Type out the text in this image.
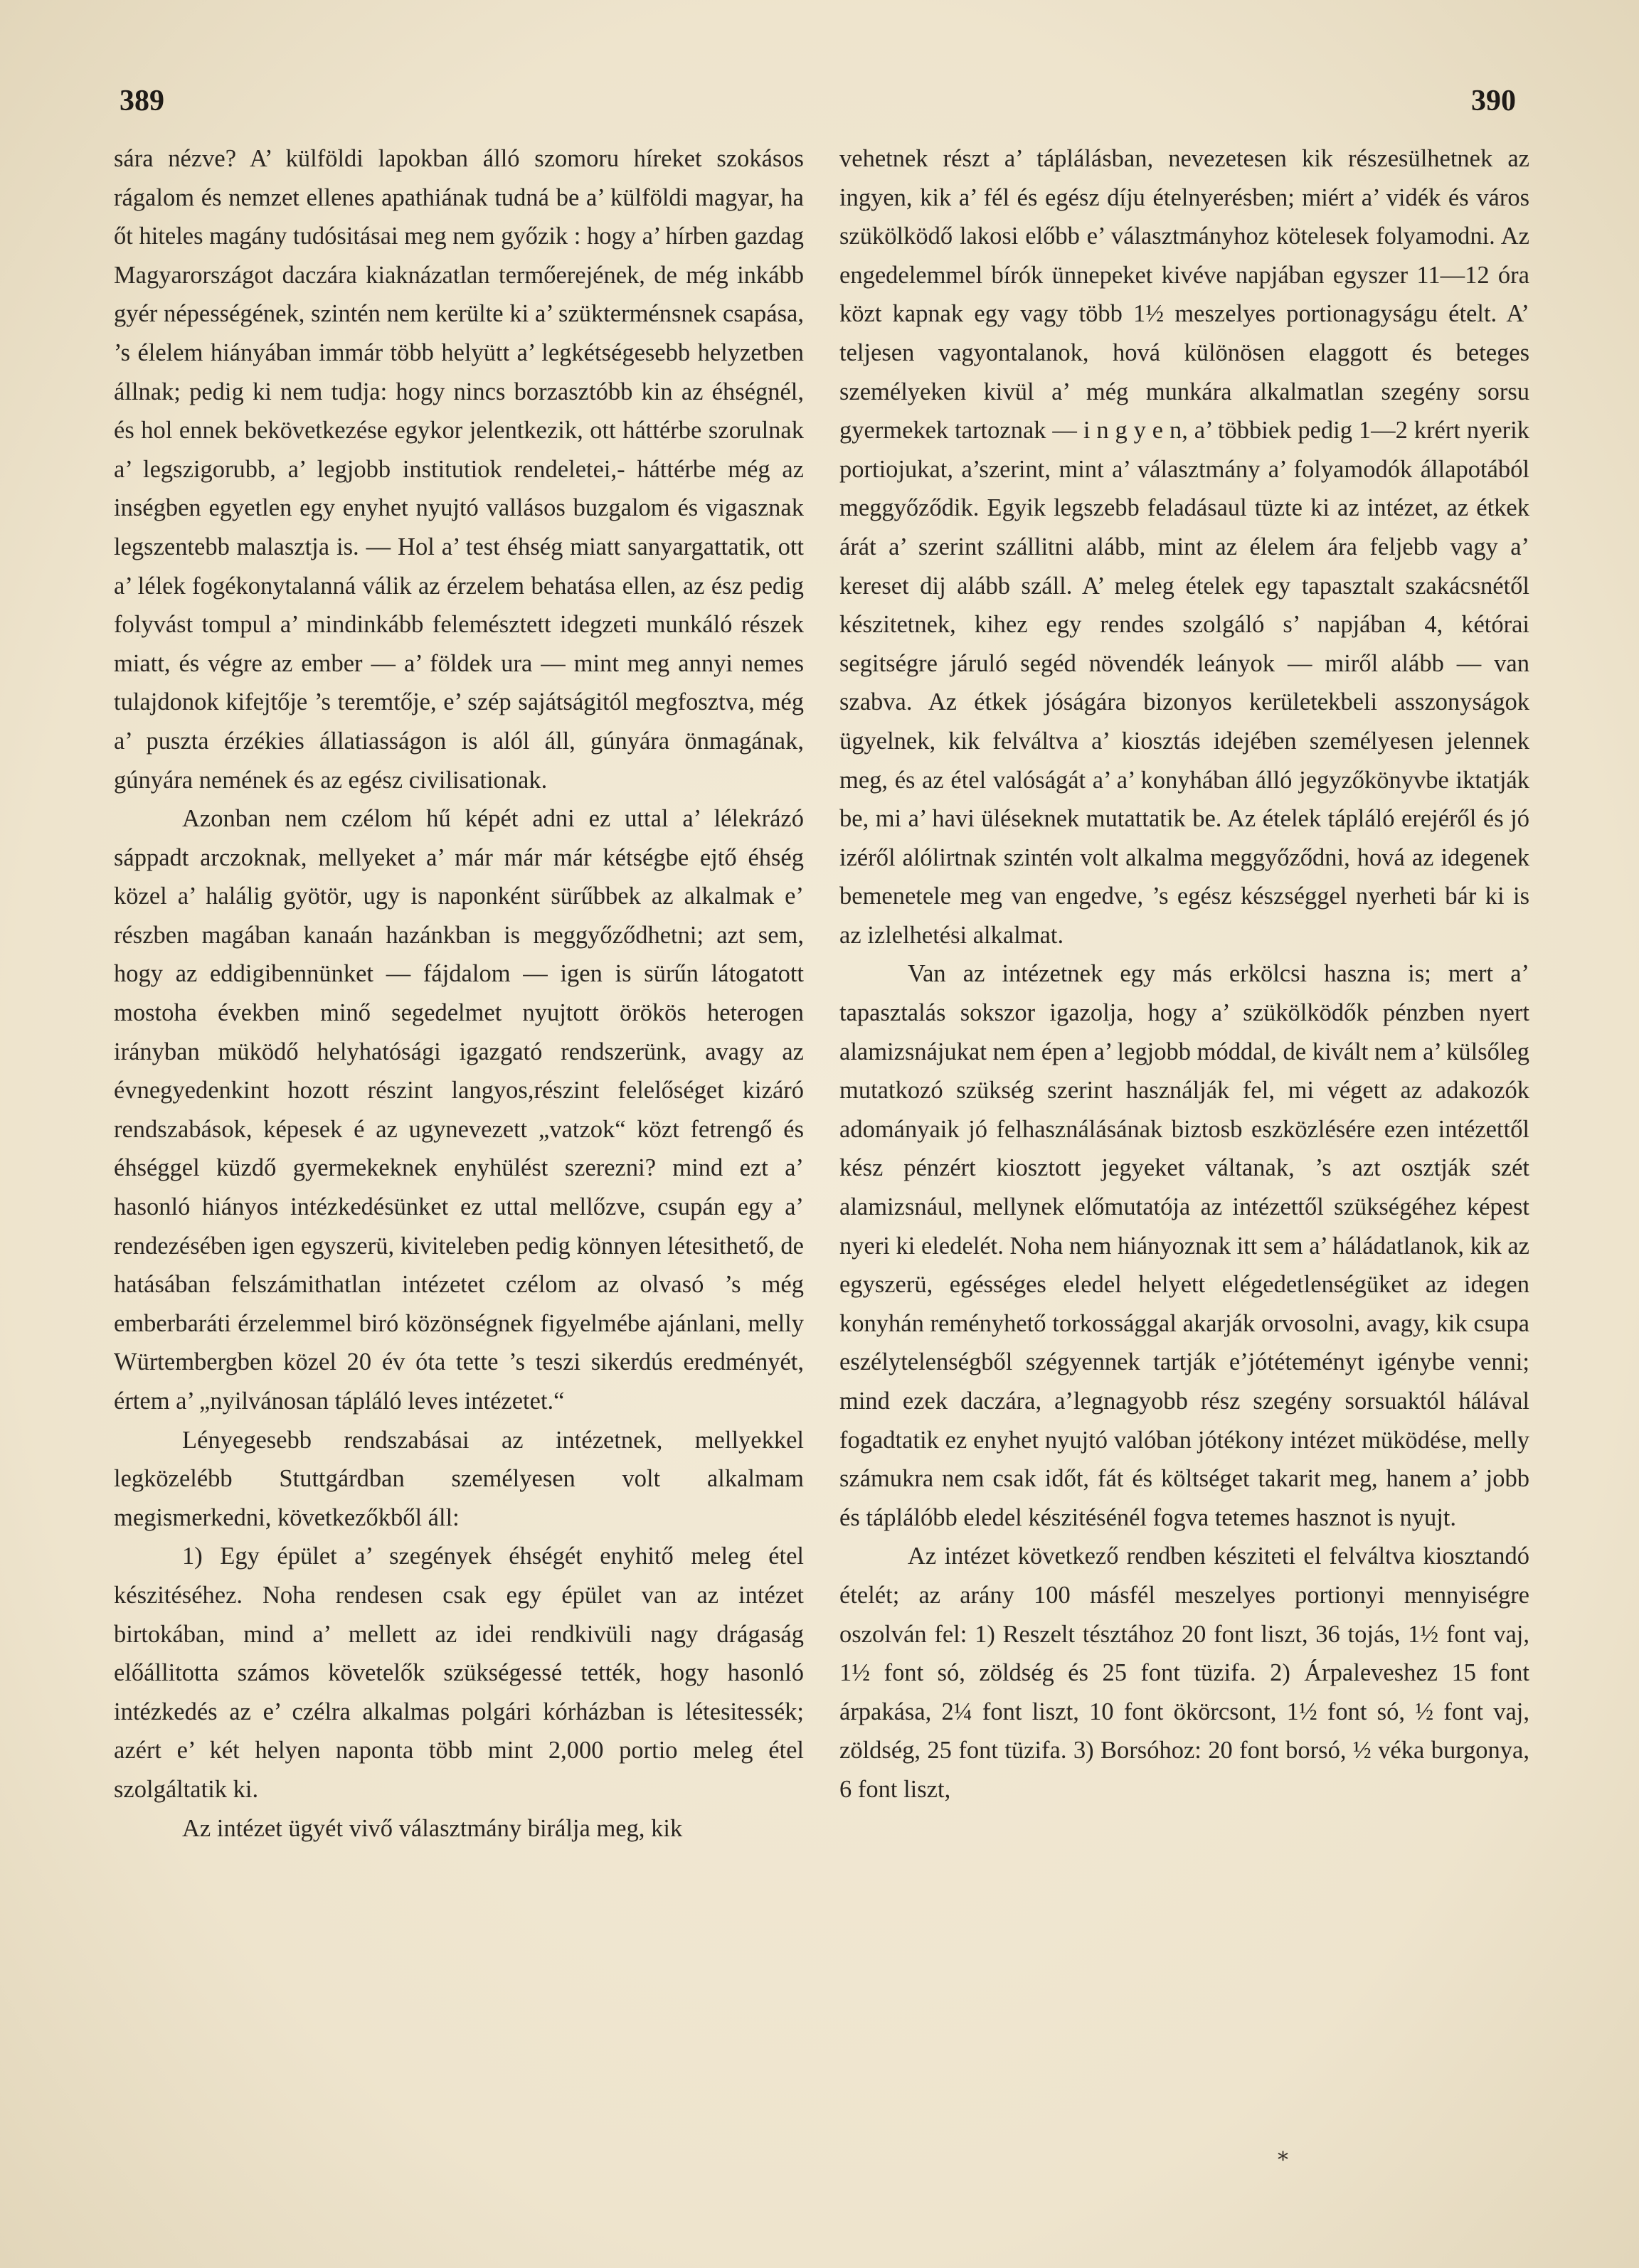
389	390

sára nézve? A’ külföldi lapokban álló szomoru híreket szokásos rágalom és nemzet ellenes apathiának tudná be a’ külföldi magyar, ha őt hiteles magány tudósitásai meg nem győzik : hogy a’ hírben gazdag Magyarországot daczára kiaknázatlan termőerejének, de még inkább gyér népességének, szintén nem kerülte ki a’ szükterménsnek csapása, ’s élelem hiányában immár több helyütt a’ legkétségesebb helyzetben állnak; pedig ki nem tudja: hogy nincs borzasztóbb kin az éhségnél, és hol ennek bekövetkezése egykor jelentkezik, ott háttérbe szorulnak a’ legszigorubb, a’ legjobb institutiok rendeletei,- háttérbe még az inségben egyetlen egy enyhet nyujtó vallásos buzgalom és vigasznak legszentebb malasztja is. — Hol a’ test éhség miatt sanyargattatik, ott a’ lélek fogékonytalanná válik az érzelem behatása ellen, az ész pedig folyvást tompul a’ mindinkább felemésztett idegzeti munkáló részek miatt, és végre az ember — a’ földek ura — mint meg annyi nemes tulajdonok kifejtője ’s teremtője, e’ szép sajátságitól megfosztva, még a’ puszta érzékies állatiasságon is alól áll, gúnyára önmagának, gúnyára nemének és az egész civilisationak.

Azonban nem czélom hű képét adni ez uttal a’ lélekrázó sáppadt arczoknak, mellyeket a’ már már már kétségbe ejtő éhség közel a’ halálig gyötör, ugy is naponként sürűbbek az alkalmak e’ részben magában kanaán hazánkban is meggyőződhetni; azt sem, hogy az eddigibennünket — fájdalom — igen is sürűn látogatott mostoha években minő segedelmet nyujtott örökös heterogen irányban müködő helyhatósági igazgató rendszerünk, avagy az évnegyedenkint hozott részint langyos,részint felelőséget kizáró rendszabások, képesek é az ugynevezett „vatzok“ közt fetrengő és éhséggel küzdő gyermekeknek enyhülést szerezni? mind ezt a’ hasonló hiányos intézkedésünket ez uttal mellőzve, csupán egy a’ rendezésében igen egyszerü, kiviteleben pedig könnyen létesithető, de hatásában felszámithatlan intézetet czélom az olvasó ’s még emberbaráti érzelemmel biró közönségnek figyelmébe ajánlani, melly Würtembergben közel 20 év óta tette ’s teszi sikerdús eredményét, értem a’ „nyilvánosan tápláló leves intézetet.“

Lényegesebb rendszabásai az intézetnek, mellyekkel legközelébb Stuttgárdban személyesen volt alkalmam megismerkedni, következőkből áll:

1) Egy épület a’ szegények éhségét enyhitő meleg étel készitéséhez. Noha rendesen csak egy épület van az intézet birtokában, mind a’ mellett az idei rendkivüli nagy drágaság előállitotta számos követelők szükségessé tették, hogy hasonló intézkedés az e’ czélra alkalmas polgári kórházban is létesitessék; azért e’ két helyen naponta több mint 2,000 portio meleg étel szolgáltatik ki.

Az intézet ügyét vivő választmány birálja meg, kik

vehetnek részt a’ táplálásban, nevezetesen kik részesülhetnek az ingyen, kik a’ fél és egész díju ételnyerésben; miért a’ vidék és város szükölködő lakosi előbb e’ választmányhoz kötelesek folyamodni. Az engedelemmel bírók ünnepeket kivéve napjában egyszer 11—12 óra közt kapnak egy vagy több 1½ meszelyes portionagyságu ételt. A’ teljesen vagyontalanok, hová különösen elaggott és beteges személyeken kivül a’ még munkára alkalmatlan szegény sorsu gyermekek tartoznak — i n g y e n, a’ többiek pedig 1—2 krért nyerik portiojukat, a’szerint, mint a’ választmány a’ folyamodók állapotából meggyőződik. Egyik legszebb feladásaul tüzte ki az intézet, az étkek árát a’ szerint szállitni alább, mint az élelem ára feljebb vagy a’ kereset dij alább száll. A’ meleg ételek egy tapasztalt szakácsnétől készitetnek, kihez egy rendes szolgáló s’ napjában 4, kétórai segitségre járuló segéd növendék leányok — miről alább — van szabva. Az étkek jóságára bizonyos kerületekbeli asszonyságok ügyelnek, kik felváltva a’ kiosztás idejében személyesen jelennek meg, és az étel valóságát a’ a’ konyhában álló jegyzőkönyvbe iktatják be, mi a’ havi üléseknek mutattatik be. Az ételek tápláló erejéről és jó izéről alólirtnak szintén volt alkalma meggyőződni, hová az idegenek bemenetele meg van engedve, ’s egész készséggel nyerheti bár ki is az izlelhetési alkalmat.

Van az intézetnek egy más erkölcsi haszna is; mert a’ tapasztalás sokszor igazolja, hogy a’ szükölködők pénzben nyert alamizsnájukat nem épen a’ legjobb móddal, de kivált nem a’ külsőleg mutatkozó szükség szerint használják fel, mi végett az adakozók adományaik jó felhasználásának biztosb eszközlésére ezen intézettől kész pénzért kiosztott jegyeket váltanak, ’s azt osztják szét alamizsnául, mellynek előmutatója az intézettől szükségéhez képest nyeri ki eledelét. Noha nem hiányoznak itt sem a’ háládatlanok, kik az egyszerü, egésséges eledel helyett elégedetlenségüket az idegen konyhán reményhető torkossággal akarják orvosolni, avagy, kik csupa eszélytelenségből szégyennek tartják e’jótéteményt igénybe venni; mind ezek daczára, a’legnagyobb rész szegény sorsuaktól hálával fogadtatik ez enyhet nyujtó valóban jótékony intézet müködése, melly számukra nem csak időt, fát és költséget takarit meg, hanem a’ jobb és táplálóbb eledel készitésénél fogva tetemes hasznot is nyujt.

Az intézet következő rendben késziteti el felváltva kiosztandó ételét; az arány 100 másfél meszelyes portionyi mennyiségre oszolván fel: 1) Reszelt tésztához 20 font liszt, 36 tojás, 1½ font vaj, 1½ font só, zöldség és 25 font tüzifa. 2) Árpaleveshez 15 font árpakása, 2¼ font liszt, 10 font ökörcsont, 1½ font só, ½ font vaj, zöldség, 25 font tüzifa. 3) Borsóhoz: 20 font borsó, ½ véka burgonya, 6 font liszt,

*
